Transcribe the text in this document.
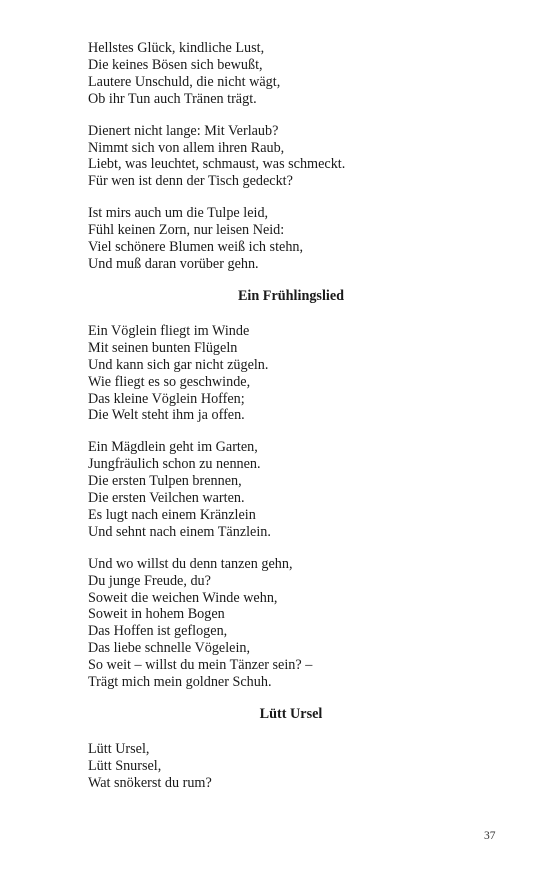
Hellstes Glück, kindliche Lust,
Die keines Bösen sich bewußt,
Lautere Unschuld, die nicht wägt,
Ob ihr Tun auch Tränen trägt.
Dienert nicht lange: Mit Verlaub?
Nimmt sich von allem ihren Raub,
Liebt, was leuchtet, schmaust, was schmeckt.
Für wen ist denn der Tisch gedeckt?
Ist mirs auch um die Tulpe leid,
Fühl keinen Zorn, nur leisen Neid:
Viel schönere Blumen weiß ich stehn,
Und muß daran vorüber gehn.
Ein Frühlingslied
Ein Vöglein fliegt im Winde
Mit seinen bunten Flügeln
Und kann sich gar nicht zügeln.
Wie fliegt es so geschwinde,
Das kleine Vöglein Hoffen;
Die Welt steht ihm ja offen.
Ein Mägdlein geht im Garten,
Jungfräulich schon zu nennen.
Die ersten Tulpen brennen,
Die ersten Veilchen warten.
Es lugt nach einem Kränzlein
Und sehnt nach einem Tänzlein.
Und wo willst du denn tanzen gehn,
Du junge Freude, du?
Soweit die weichen Winde wehn,
Soweit in hohem Bogen
Das Hoffen ist geflogen,
Das liebe schnelle Vögelein,
So weit – willst du mein Tänzer sein? –
Trägt mich mein goldner Schuh.
Lütt Ursel
Lütt Ursel,
Lütt Snursel,
Wat snökerst du rum?
37
